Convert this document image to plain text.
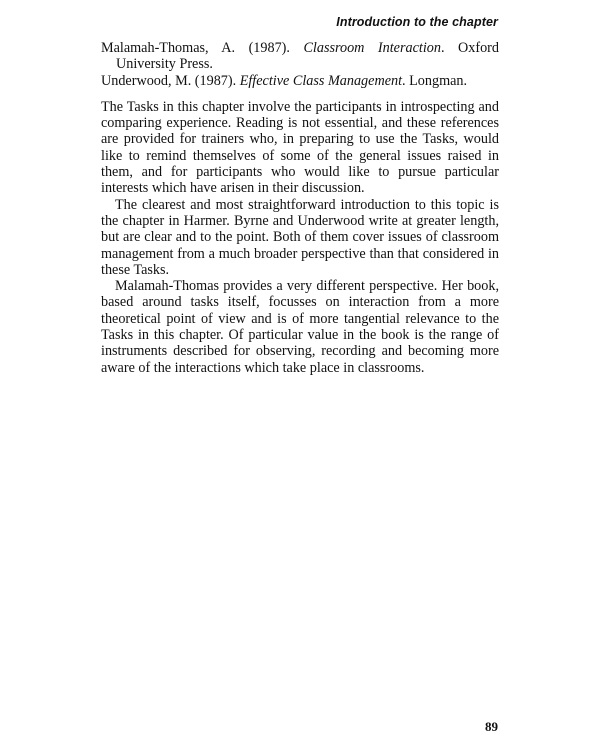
Introduction to the chapter

Malamah-Thomas, A. (1987). Classroom Interaction. Oxford University Press.

Underwood, M. (1987). Effective Class Management. Longman.

The Tasks in this chapter involve the participants in introspecting and comparing experience. Reading is not essential, and these references are provided for trainers who, in preparing to use the Tasks, would like to remind themselves of some of the general issues raised in them, and for participants who would like to pursue particular interests which have arisen in their discussion.

The clearest and most straightforward introduction to this topic is the chapter in Harmer. Byrne and Underwood write at greater length, but are clear and to the point. Both of them cover issues of classroom management from a much broader perspective than that considered in these Tasks.

Malamah-Thomas provides a very different perspective. Her book, based around tasks itself, focusses on interaction from a more theoretical point of view and is of more tangential relevance to the Tasks in this chapter. Of particular value in the book is the range of instruments described for observing, recording and becoming more aware of the interactions which take place in classrooms.

89
